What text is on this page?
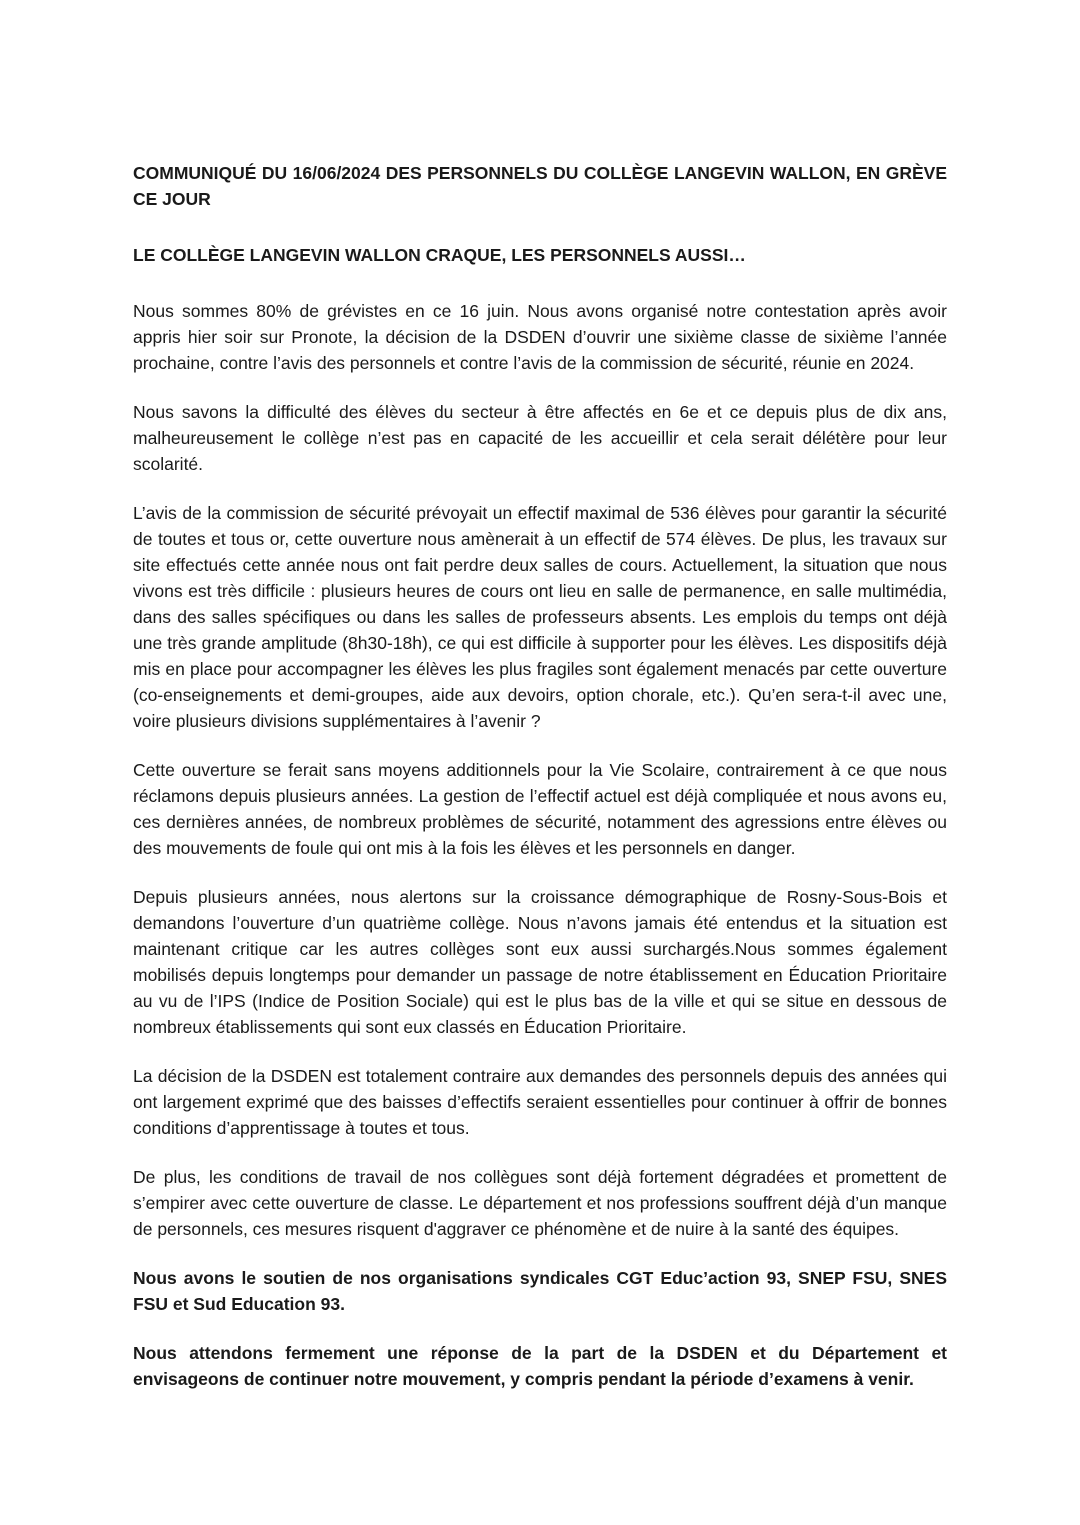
COMMUNIQUÉ DU 16/06/2024 DES PERSONNELS DU COLLÈGE LANGEVIN WALLON, EN GRÈVE CE JOUR
LE COLLÈGE LANGEVIN WALLON CRAQUE, LES PERSONNELS AUSSI…
Nous sommes 80% de grévistes en ce 16 juin. Nous avons organisé notre contestation après avoir appris hier soir sur Pronote, la décision de la DSDEN d’ouvrir une sixième classe de sixième l’année prochaine, contre l’avis des personnels et contre l’avis de la commission de sécurité, réunie en 2024.
Nous savons la difficulté des élèves du secteur à être affectés en 6e et ce depuis plus de dix ans, malheureusement le collège n’est pas en capacité de les accueillir et cela serait délétère pour leur scolarité.
L’avis de la commission de sécurité prévoyait un effectif maximal de 536 élèves pour garantir la sécurité de toutes et tous or, cette ouverture nous amènerait à un effectif de 574 élèves. De plus, les travaux sur site effectués cette année nous ont fait perdre deux salles de cours. Actuellement, la situation que nous vivons est très difficile : plusieurs heures de cours ont lieu en salle de permanence, en salle multimédia, dans des salles spécifiques ou dans les salles de professeurs absents. Les emplois du temps ont déjà une très grande amplitude (8h30-18h), ce qui est difficile à supporter pour les élèves. Les dispositifs déjà mis en place pour accompagner les élèves les plus fragiles sont également menacés par cette ouverture (co-enseignements et demi-groupes, aide aux devoirs, option chorale, etc.). Qu’en sera-t-il avec une, voire plusieurs divisions supplémentaires à l’avenir ?
Cette ouverture se ferait sans moyens additionnels pour la Vie Scolaire, contrairement à ce que nous réclamons depuis plusieurs années. La gestion de l’effectif actuel est déjà compliquée et nous avons eu, ces dernières années, de nombreux problèmes de sécurité, notamment des agressions entre élèves ou des mouvements de foule qui ont mis à la fois les élèves et les personnels en danger.
Depuis plusieurs années, nous alertons sur la croissance démographique de Rosny-Sous-Bois et demandons l’ouverture d’un quatrième collège. Nous n’avons jamais été entendus et la situation est maintenant critique car les autres collèges sont eux aussi surchargés.Nous sommes également mobilisés depuis longtemps pour demander un passage de notre établissement en Éducation Prioritaire au vu de l’IPS (Indice de Position Sociale) qui est le plus bas de la ville et qui se situe en dessous de nombreux établissements qui sont eux classés en Éducation Prioritaire.
La décision de la DSDEN est totalement contraire aux demandes des personnels depuis des années qui ont largement exprimé que des baisses d’effectifs seraient essentielles pour continuer à offrir de bonnes conditions d’apprentissage à toutes et tous.
De plus, les conditions de travail de nos collègues sont déjà fortement dégradées et promettent de s’empirer avec cette ouverture de classe. Le département et nos professions souffrent déjà d’un manque de personnels, ces mesures risquent d'aggraver ce phénomène et de nuire à la santé des équipes.
Nous avons le soutien de nos organisations syndicales CGT Educ’action 93, SNEP FSU, SNES FSU et Sud Education 93.
Nous attendons fermement une réponse de la part de la DSDEN et du Département et envisageons de continuer notre mouvement, y compris pendant la période d’examens à venir.
